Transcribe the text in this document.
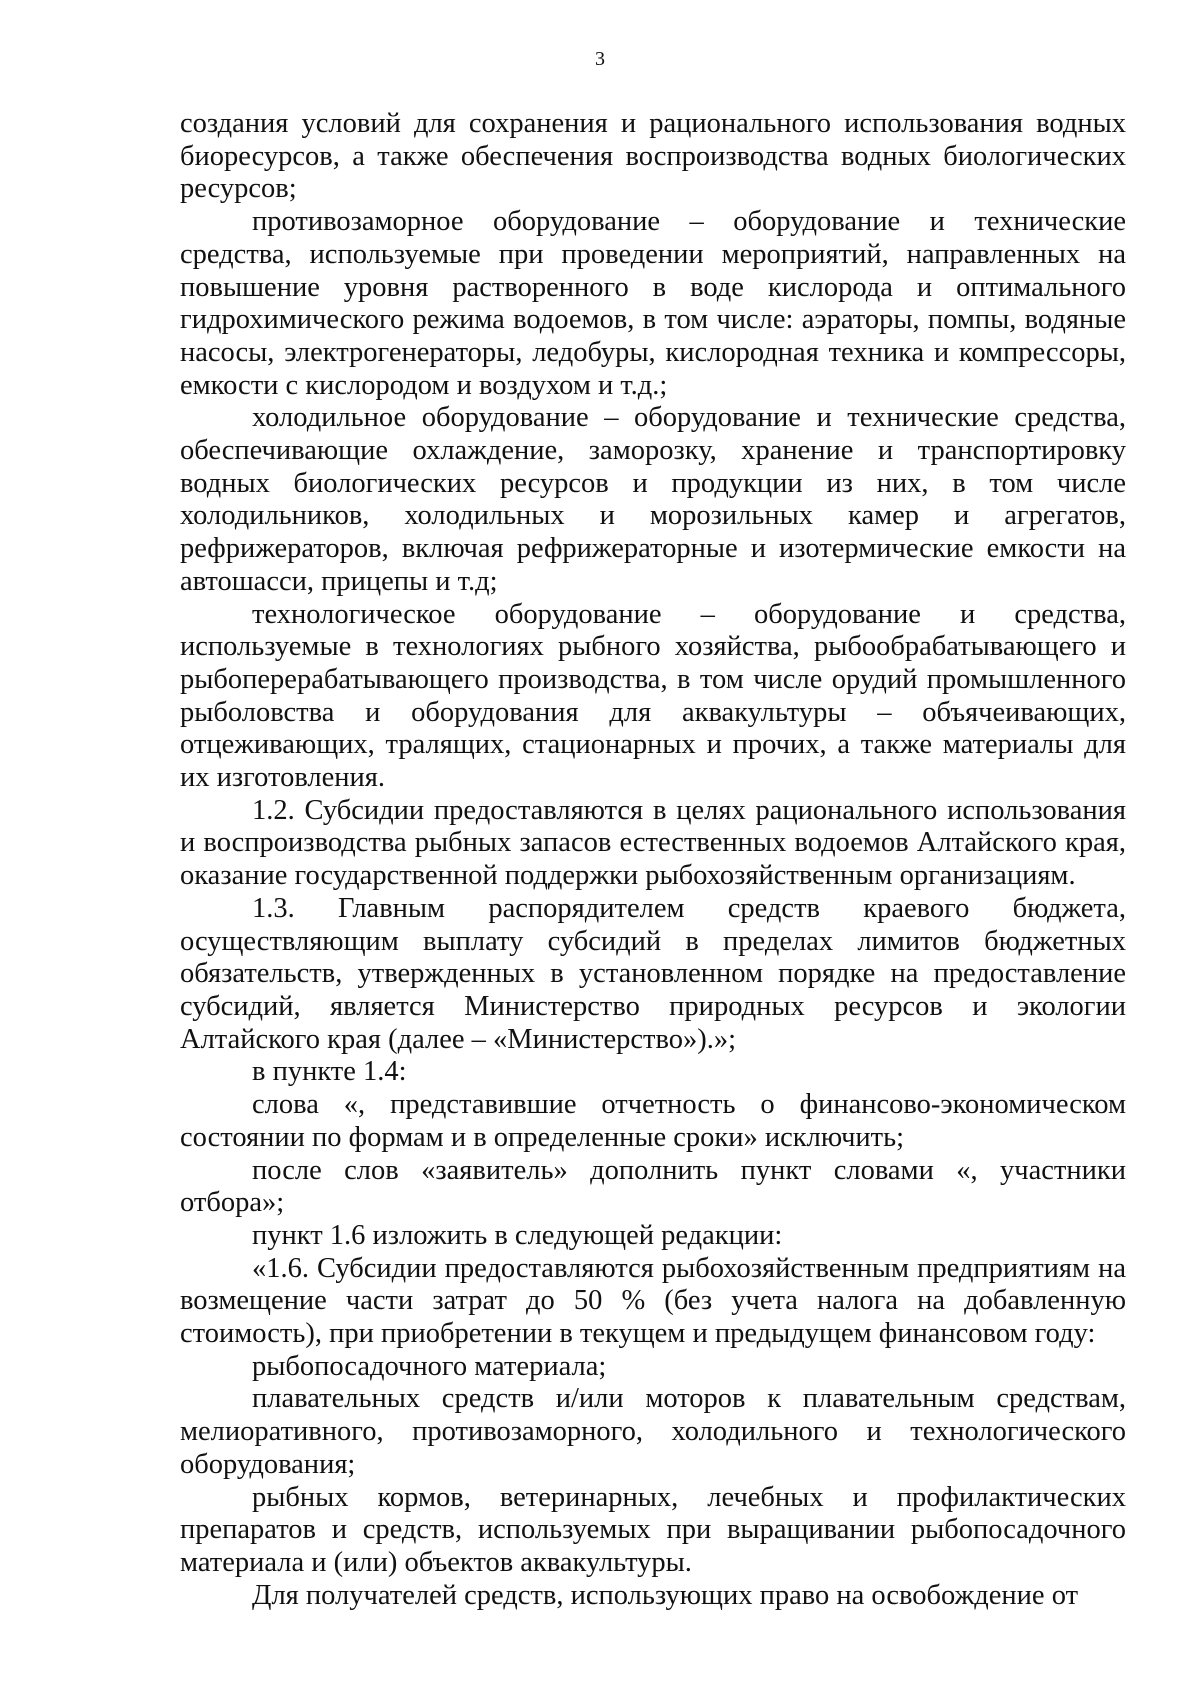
3

создания условий для сохранения и рационального использования водных биоресурсов, а также обеспечения воспроизводства водных биологических ресурсов;

противозаморное оборудование – оборудование и технические средства, используемые при проведении мероприятий, направленных на повышение уровня растворенного в воде кислорода и оптимального гидрохимического режима водоемов, в том числе: аэраторы, помпы, водяные насосы, электрогенераторы, ледобуры, кислородная техника и компрессоры, емкости с кислородом и воздухом и т.д.;

холодильное оборудование – оборудование и технические средства, обеспечивающие охлаждение, заморозку, хранение и транспортировку водных биологических ресурсов и продукции из них, в том числе холодильников, холодильных и морозильных камер и агрегатов, рефрижераторов, включая рефрижераторные и изотермические емкости на автошасси, прицепы и т.д;

технологическое оборудование – оборудование и средства, используемые в технологиях рыбного хозяйства, рыбообрабатывающего и рыбоперерабатывающего производства, в том числе орудий промышленного рыболовства и оборудования для аквакультуры – объячеивающих, отцеживающих, тралящих, стационарных и прочих, а также материалы для их изготовления.

1.2. Субсидии предоставляются в целях рационального использования и воспроизводства рыбных запасов естественных водоемов Алтайского края, оказание государственной поддержки рыбохозяйственным организациям.

1.3. Главным распорядителем средств краевого бюджета, осуществляющим выплату субсидий в пределах лимитов бюджетных обязательств, утвержденных в установленном порядке на предоставление субсидий, является Министерство природных ресурсов и экологии Алтайского края (далее – «Министерство»).»;

в пункте 1.4:

слова «, представившие отчетность о финансово-экономическом состоянии по формам и в определенные сроки» исключить;

после слов «заявитель» дополнить пункт словами «, участники отбора»;

пункт 1.6 изложить в следующей редакции:

«1.6. Субсидии предоставляются рыбохозяйственным предприятиям на возмещение части затрат до 50 % (без учета налога на добавленную стоимость), при приобретении в текущем и предыдущем финансовом году:

рыбопосадочного материала;

плавательных средств и/или моторов к плавательным средствам, мелиоративного, противозаморного, холодильного и технологического оборудования;

рыбных кормов, ветеринарных, лечебных и профилактических препаратов и средств, используемых при выращивании рыбопосадочного материала и (или) объектов аквакультуры.

Для получателей средств, использующих право на освобождение от
